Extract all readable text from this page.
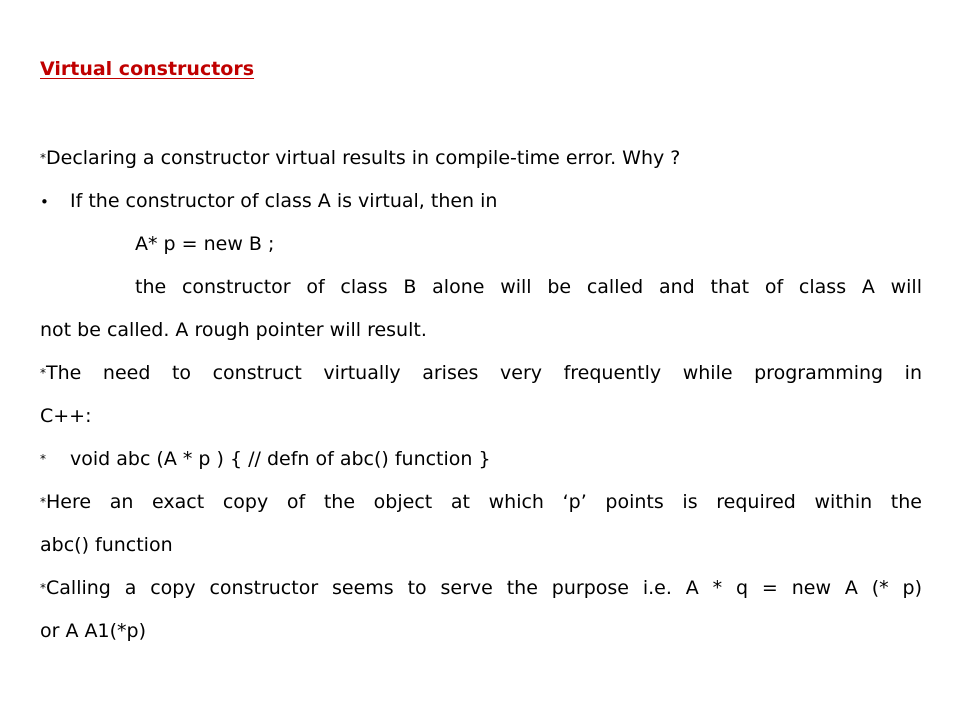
Virtual constructors
*Declaring a constructor virtual results in compile-time error. Why ?
• If the constructor of class A is virtual, then in
A* p = new B ;
the constructor of class B alone will be called and that of class A will
not be called. A rough pointer will result.
*The need to construct virtually arises very frequently while programming in
C++:
* void abc (A * p ) { // defn of abc() function }
*Here an exact copy of the object at which ‘p’ points is required within the
abc() function
*Calling a copy constructor seems to serve the purpose i.e. A * q = new A (* p)
or A A1(*p)
